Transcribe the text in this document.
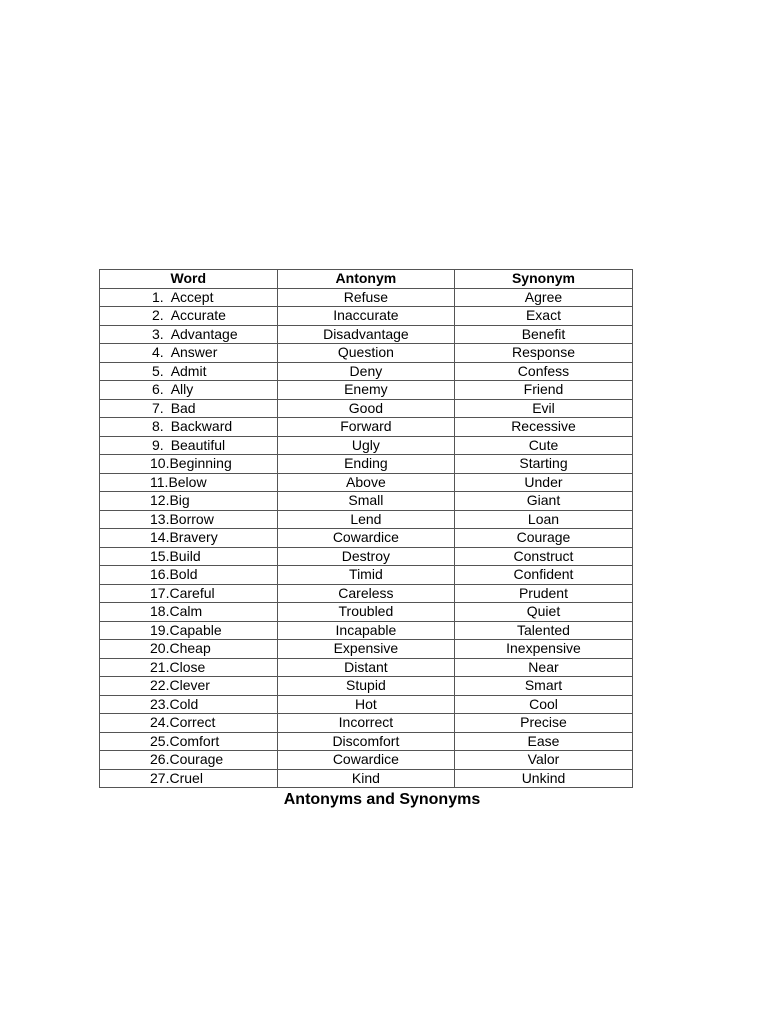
Word	Antonym	Synonym
1. Accept	Refuse	Agree
2. Accurate	Inaccurate	Exact
3. Advantage	Disadvantage	Benefit
4. Answer	Question	Response
5. Admit	Deny	Confess
6. Ally	Enemy	Friend
7. Bad	Good	Evil
8. Backward	Forward	Recessive
9. Beautiful	Ugly	Cute
10.Beginning	Ending	Starting
11.Below	Above	Under
12.Big	Small	Giant
13.Borrow	Lend	Loan
14.Bravery	Cowardice	Courage
15.Build	Destroy	Construct
16.Bold	Timid	Confident
17.Careful	Careless	Prudent
18.Calm	Troubled	Quiet
19.Capable	Incapable	Talented
20.Cheap	Expensive	Inexpensive
21.Close	Distant	Near
22.Clever	Stupid	Smart
23.Cold	Hot	Cool
24.Correct	Incorrect	Precise
25.Comfort	Discomfort	Ease
26.Courage	Cowardice	Valor
27.Cruel	Kind	Unkind
Antonyms and Synonyms
